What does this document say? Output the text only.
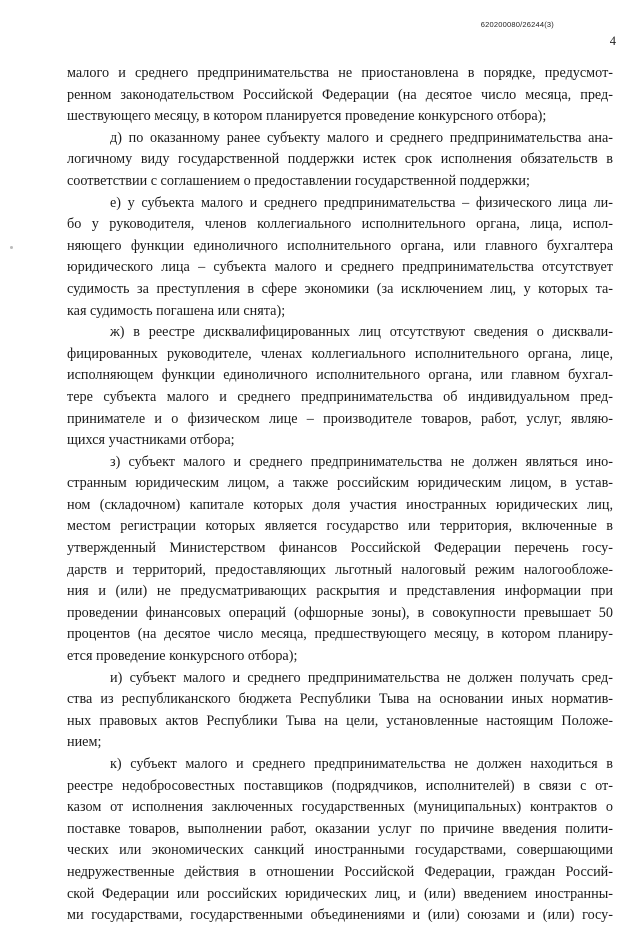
620200080/26244(3)
4
малого и среднего предпринимательства не приостановлена в порядке, предусмот-
ренном законодательством Российской Федерации (на десятое число месяца, пред-
шествующего месяцу, в котором планируется проведение конкурсного отбора);
д) по оказанному ранее субъекту малого и среднего предпринимательства ана-
логичному виду государственной поддержки истек срок исполнения обязательств в
соответствии с соглашением о предоставлении государственной поддержки;
е) у субъекта малого и среднего предпринимательства – физического лица ли-
бо у руководителя, членов коллегиального исполнительного органа, лица, испол-
няющего функции единоличного исполнительного органа, или главного бухгалтера
юридического лица – субъекта малого и среднего предпринимательства отсутствует
судимость за преступления в сфере экономики (за исключением лиц, у которых та-
кая судимость погашена или снята);
ж) в реестре дисквалифицированных лиц отсутствуют сведения о дисквали-
фицированных руководителе, членах коллегиального исполнительного органа, лице,
исполняющем функции единоличного исполнительного органа, или главном бухгал-
тере субъекта малого и среднего предпринимательства об индивидуальном пред-
принимателе и о физическом лице – производителе товаров, работ, услуг, являю-
щихся участниками отбора;
з) субъект малого и среднего предпринимательства не должен являться ино-
странным юридическим лицом, а также российским юридическим лицом, в устав-
ном (складочном) капитале которых доля участия иностранных юридических лиц,
местом регистрации которых является государство или территория, включенные в
утвержденный Министерством финансов Российской Федерации перечень госу-
дарств и территорий, предоставляющих льготный налоговый режим налогообложе-
ния и (или) не предусматривающих раскрытия и представления информации при
проведении финансовых операций (офшорные зоны), в совокупности превышает 50
процентов (на десятое число месяца, предшествующего месяцу, в котором планиру-
ется проведение конкурсного отбора);
и) субъект малого и среднего предпринимательства не должен получать сред-
ства из республиканского бюджета Республики Тыва на основании иных норматив-
ных правовых актов Республики Тыва на цели, установленные настоящим Положе-
нием;
к) субъект малого и среднего предпринимательства не должен находиться в
реестре недобросовестных поставщиков (подрядчиков, исполнителей) в связи с от-
казом от исполнения заключенных государственных (муниципальных) контрактов о
поставке товаров, выполнении работ, оказании услуг по причине введения полити-
ческих или экономических санкций иностранными государствами, совершающими
недружественные действия в отношении Российской Федерации, граждан Россий-
ской Федерации или российских юридических лиц, и (или) введением иностранны-
ми государствами, государственными объединениями и (или) союзами и (или) госу-
